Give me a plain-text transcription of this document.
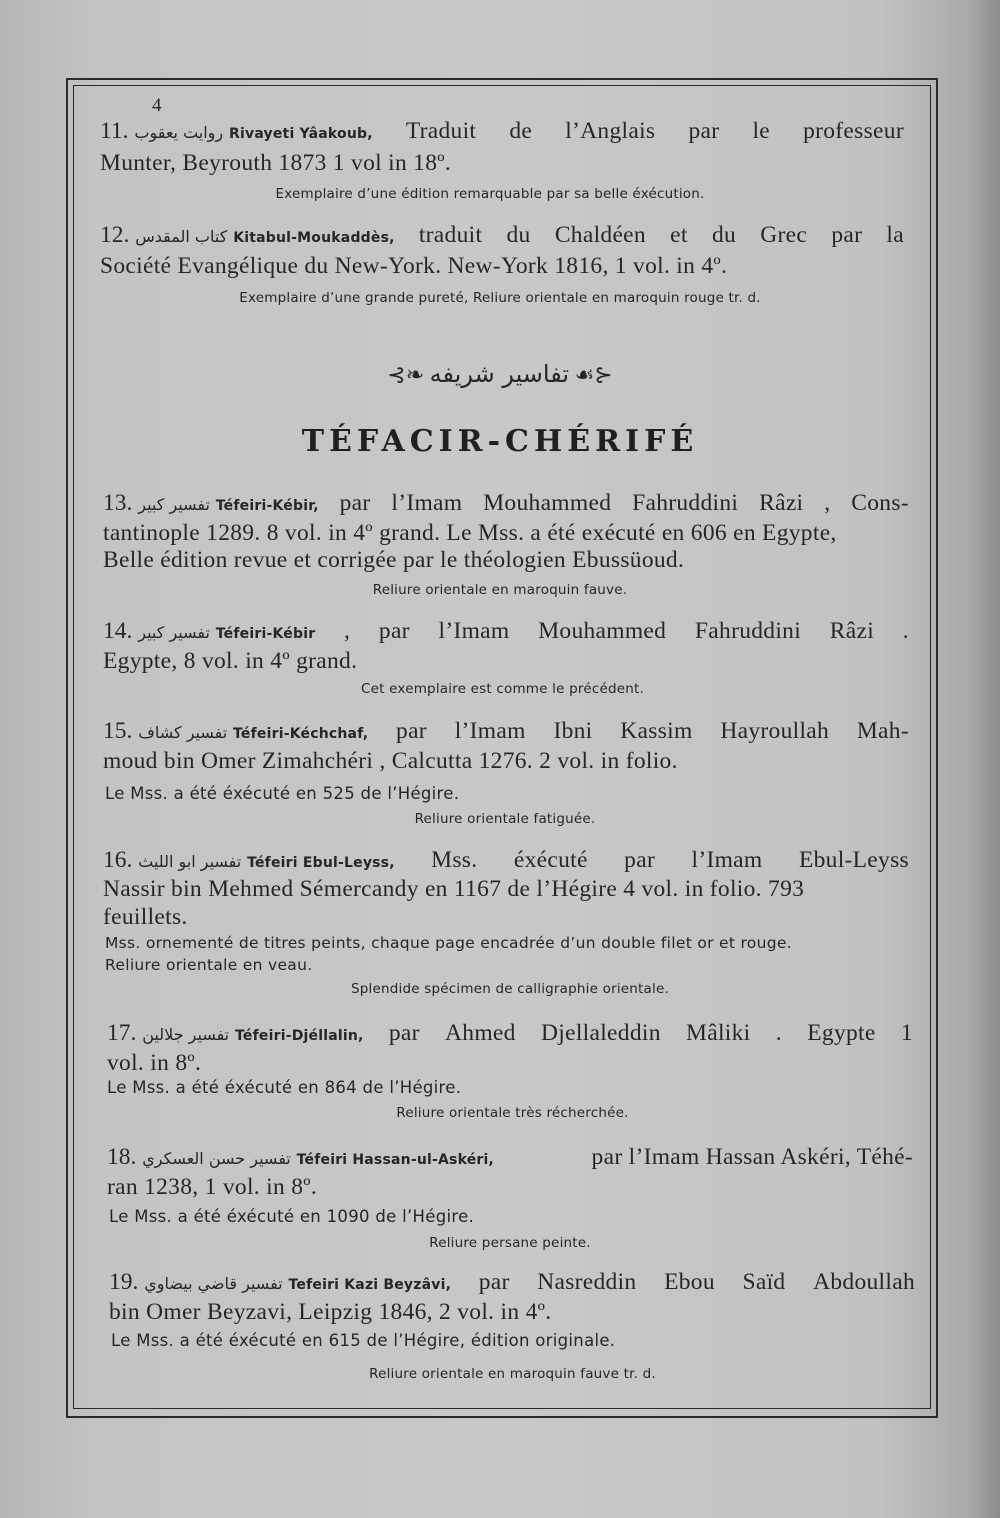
4
11. روايت يعقوب Rivayeti Yâakoub, Traduit de l’Anglais par le professeur
Munter, Beyrouth 1873 1 vol in 18º.
Exemplaire d’une édition remarquable par sa belle éxécution.
12. كتاب المقدس Kitabul-Moukaddès, traduit du Chaldéen et du Grec par la
Société Evangélique du New-York. New-York 1816, 1 vol. in 4º.
Exemplaire d’une grande pureté, Reliure orientale en maroquin rouge tr. d.
⊰❧ تفاسير شريفه ☙⊱
TÉFACIR-CHÉRIFÉ
13. تفسير كبير Téfeiri-Kébir, par l’Imam Mouhammed Fahruddini Râzi , Cons-
tantinople 1289. 8 vol. in 4º grand. Le Mss. a été exécuté en 606 en Egypte,
Belle édition revue et corrigée par le théologien Ebussüoud.
Reliure orientale en maroquin fauve.
14. تفسير كبير Téfeiri-Kébir , par l’Imam Mouhammed Fahruddini Râzi .
Egypte, 8 vol. in 4º grand.
Cet exemplaire est comme le précédent.
15. تفسير كشاف Téfeiri-Kéchchaf, par l’Imam Ibni Kassim Hayroullah Mah-
moud bin Omer Zimahchéri , Calcutta 1276. 2 vol. in folio.
Le Mss. a été éxécuté en 525 de l’Hégire.
Reliure orientale fatiguée.
16. تفسير ابو الليث Téfeiri Ebul-Leyss, Mss. éxécuté par l’Imam Ebul-Leyss
Nassir bin Mehmed Sémercandy en 1167 de l’Hégire 4 vol. in folio. 793
feuillets.
Mss. ornementé de titres peints, chaque page encadrée d’un double filet or et rouge.
Reliure orientale en veau.
Splendide spécimen de calligraphie orientale.
17. تفسير جلالين Téfeiri-Djéllalin, par Ahmed Djellaleddin Mâliki . Egypte 1
vol. in 8º.
Le Mss. a été éxécuté en 864 de l’Hégire.
Reliure orientale très récherchée.
18. تفسير حسن العسكري Téfeiri Hassan-ul-Askéri,	par l’Imam Hassan Askéri, Téhé-
ran 1238, 1 vol. in 8º.
Le Mss. a été éxécuté en 1090 de l’Hégire.
Reliure persane peinte.
19. تفسير قاضي بيضاوي Tefeiri Kazi Beyzâvi, par Nasreddin Ebou Saïd Abdoullah
bin Omer Beyzavi, Leipzig 1846, 2 vol. in 4º.
Le Mss. a été éxécuté en 615 de l’Hégire, édition originale.
Reliure orientale en maroquin fauve tr. d.
